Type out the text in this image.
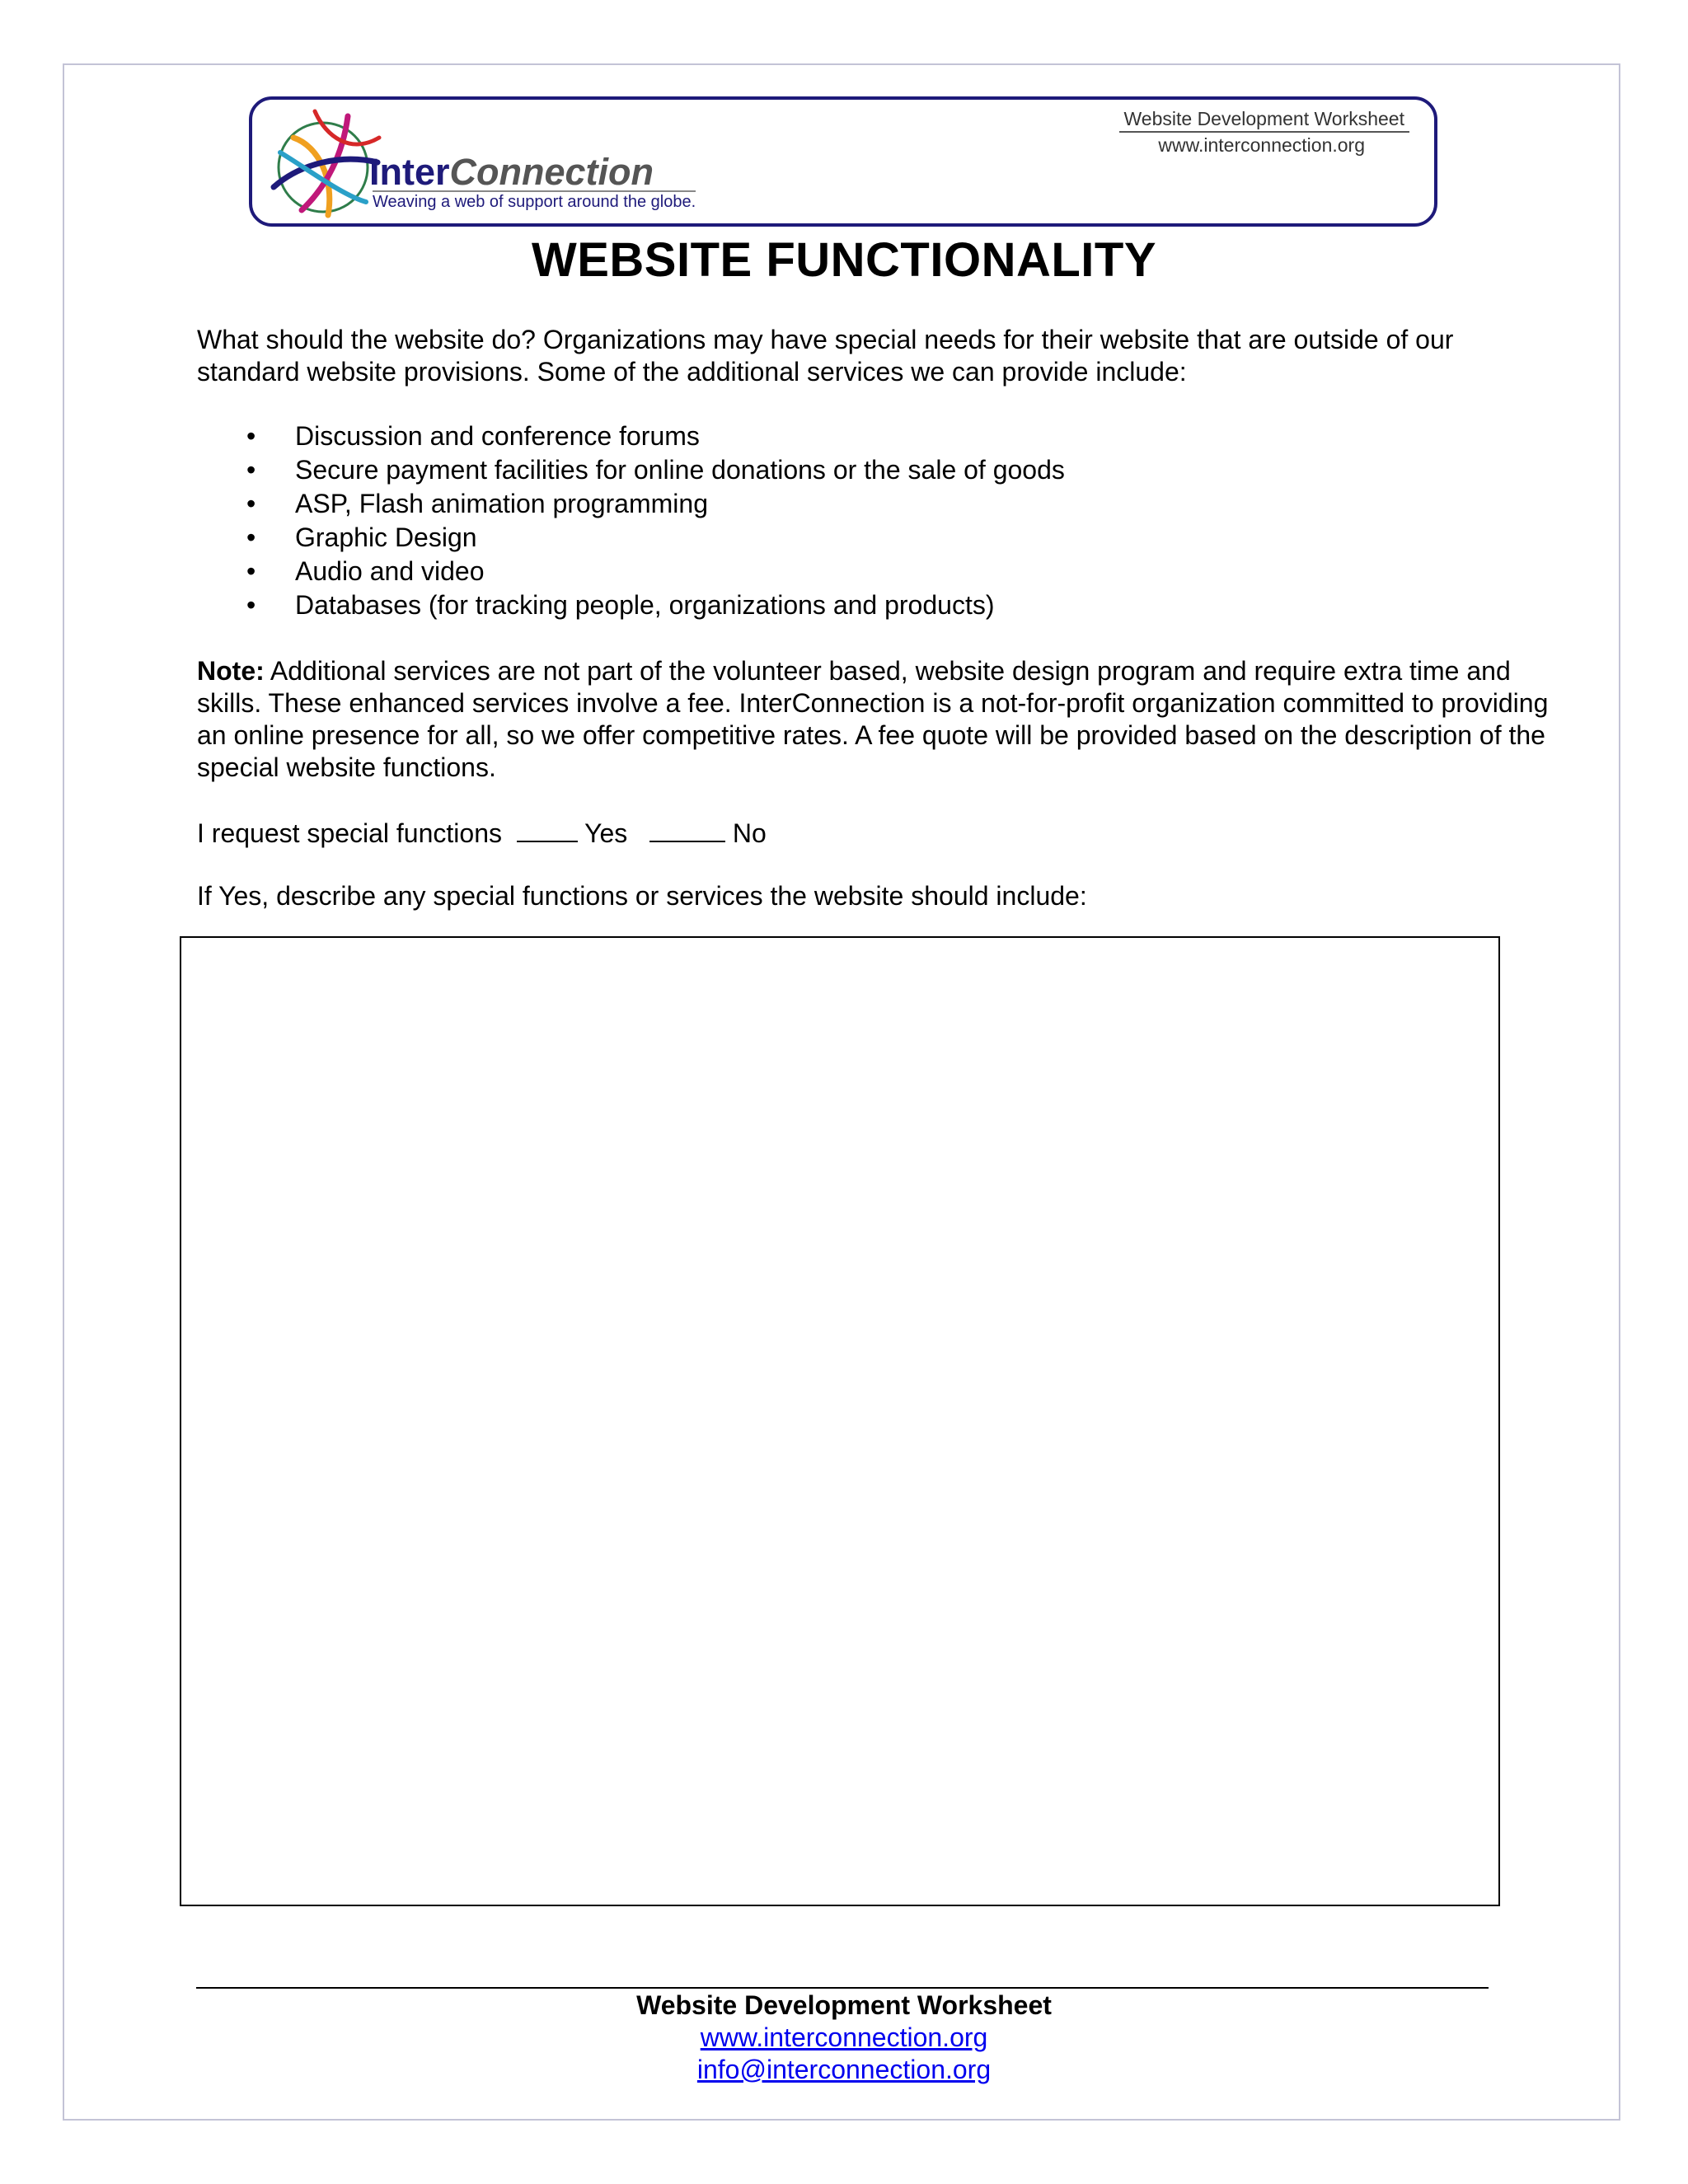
InterConnection
Weaving a web of support around the globe.
Website Development Worksheet
www.interconnection.org
WEBSITE FUNCTIONALITY

What should the website do? Organizations may have special needs for their website that are outside of our standard website provisions. Some of the additional services we can provide include:

• Discussion and conference forums
• Secure payment facilities for online donations or the sale of goods
• ASP, Flash animation programming
• Graphic Design
• Audio and video
• Databases (for tracking people, organizations and products)

Note: Additional services are not part of the volunteer based, website design program and require extra time and skills. These enhanced services involve a fee. InterConnection is a not-for-profit organization committed to providing an online presence for all, so we offer competitive rates. A fee quote will be provided based on the description of the special website functions.

I request special functions	Yes	No

If Yes, describe any special functions or services the website should include:

Website Development Worksheet
www.interconnection.org
info@interconnection.org
